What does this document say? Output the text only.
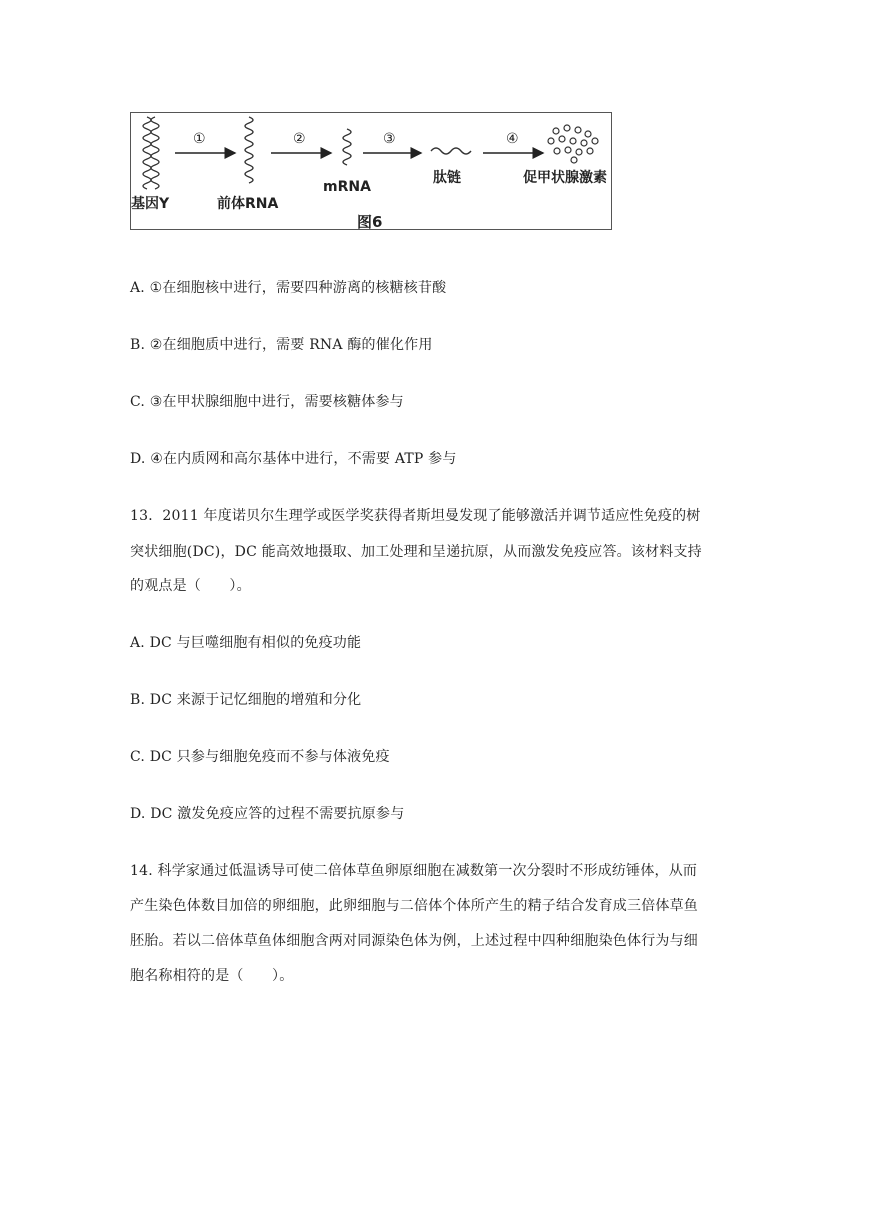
①	②	③	④
基因Y	前体RNA
mRNA
肽链	促甲状腺激素
图6
A. ①在细胞核中进行，需要四种游离的核糖核苷酸
B. ②在细胞质中进行，需要 RNA 酶的催化作用
C. ③在甲状腺细胞中进行，需要核糖体参与
D. ④在内质网和高尔基体中进行，不需要 ATP 参与
13．2011 年度诺贝尔生理学或医学奖获得者斯坦曼发现了能够激活并调节适应性免疫的树
突状细胞(DC)，DC 能高效地摄取、加工处理和呈递抗原，从而激发免疫应答。该材料支持
的观点是（　　）。
A. DC 与巨噬细胞有相似的免疫功能
B. DC 来源于记忆细胞的增殖和分化
C. DC 只参与细胞免疫而不参与体液免疫
D. DC 激发免疫应答的过程不需要抗原参与
14. 科学家通过低温诱导可使二倍体草鱼卵原细胞在减数第一次分裂时不形成纺锤体，从而
产生染色体数目加倍的卵细胞，此卵细胞与二倍体个体所产生的精子结合发育成三倍体草鱼
胚胎。若以二倍体草鱼体细胞含两对同源染色体为例，上述过程中四种细胞染色体行为与细
胞名称相符的是（　　）。
